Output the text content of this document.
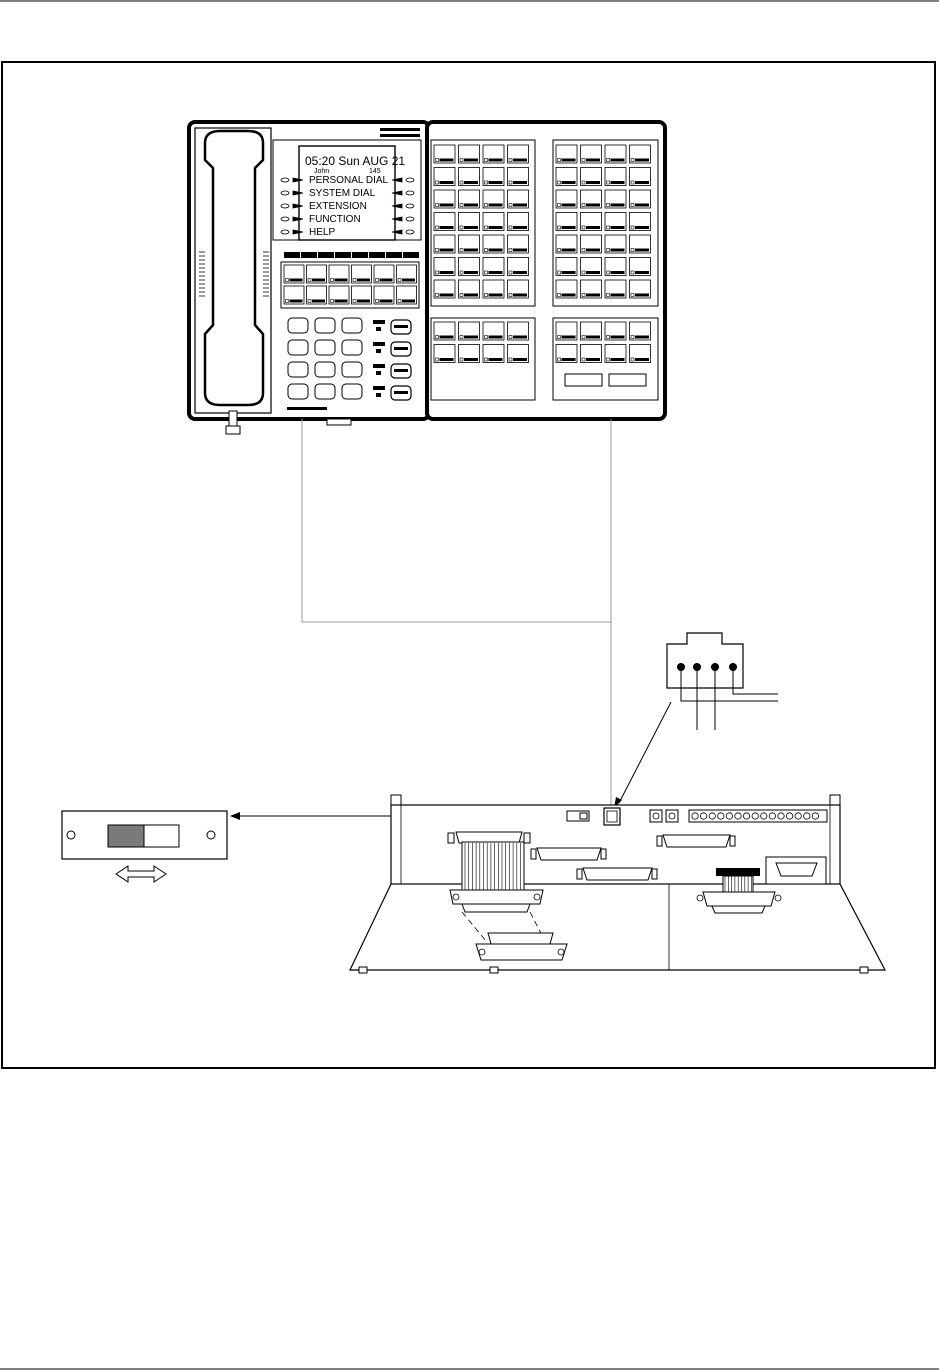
05:20 Sun AUG 21
John	145
PERSONAL DIAL
SYSTEM DIAL
EXTENSION
FUNCTION
HELP
